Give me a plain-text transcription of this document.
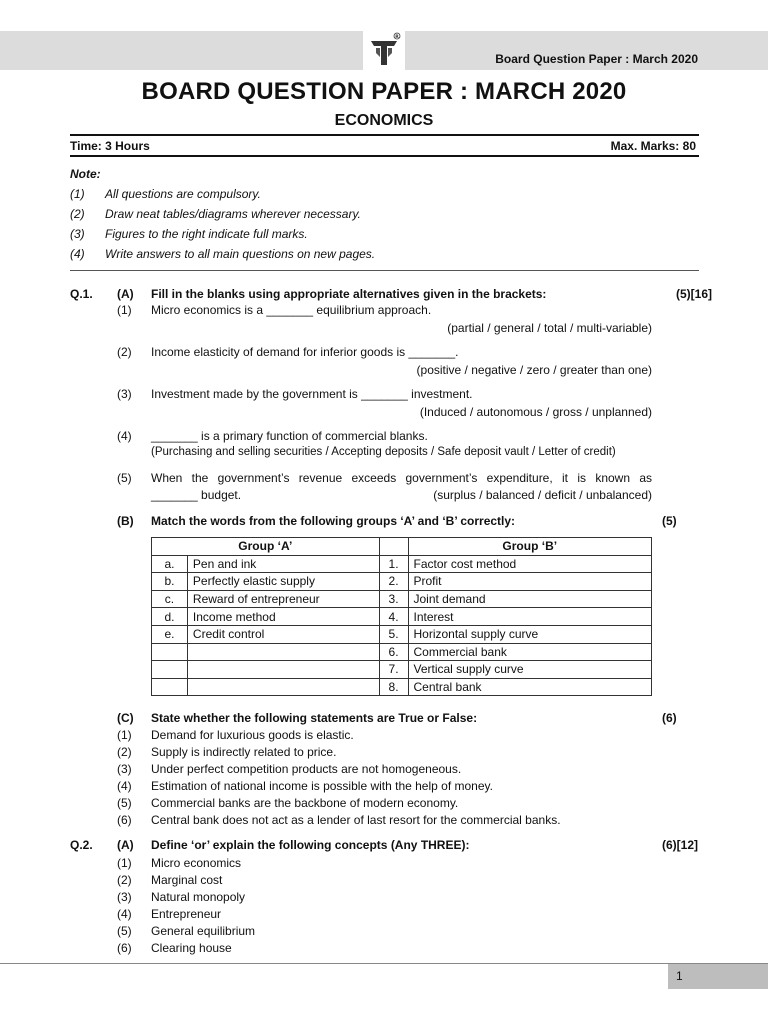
R
Board Question Paper : March 2020
BOARD QUESTION PAPER : MARCH 2020
ECONOMICS
Time: 3 Hours	Max. Marks: 80
Note:
(1) All questions are compulsory.
(2) Draw neat tables/diagrams wherever necessary.
(3) Figures to the right indicate full marks.
(4) Write answers to all main questions on new pages.
Q.1. (A) Fill in the blanks using appropriate alternatives given in the brackets:	(5)[16]
(1) Micro economics is a _______ equilibrium approach.
(partial / general / total / multi-variable)
(2) Income elasticity of demand for inferior goods is _______.
(positive / negative / zero / greater than one)
(3) Investment made by the government is _______ investment.
(Induced / autonomous / gross / unplanned)
(4) _______ is a primary function of commercial blanks.
(Purchasing and selling securities / Accepting deposits / Safe deposit vault / Letter of credit)
(5) When the government’s revenue exceeds government’s expenditure, it is known as
_______ budget.	(surplus / balanced / deficit / unbalanced)
(B) Match the words from the following groups ‘A’ and ‘B’ correctly:	(5)
Group ‘A’			Group ‘B’
a.	Pen and ink	1.	Factor cost method
b.	Perfectly elastic supply	2.	Profit
c.	Reward of entrepreneur	3.	Joint demand
d.	Income method	4.	Interest
e.	Credit control	5.	Horizontal supply curve
		6.	Commercial bank
		7.	Vertical supply curve
		8.	Central bank
(C) State whether the following statements are True or False:	(6)
(1) Demand for luxurious goods is elastic.
(2) Supply is indirectly related to price.
(3) Under perfect competition products are not homogeneous.
(4) Estimation of national income is possible with the help of money.
(5) Commercial banks are the backbone of modern economy.
(6) Central bank does not act as a lender of last resort for the commercial banks.
Q.2. (A) Define ‘or’ explain the following concepts (Any THREE):	(6)[12]
(1) Micro economics
(2) Marginal cost
(3) Natural monopoly
(4) Entrepreneur
(5) General equilibrium
(6) Clearing house
1
